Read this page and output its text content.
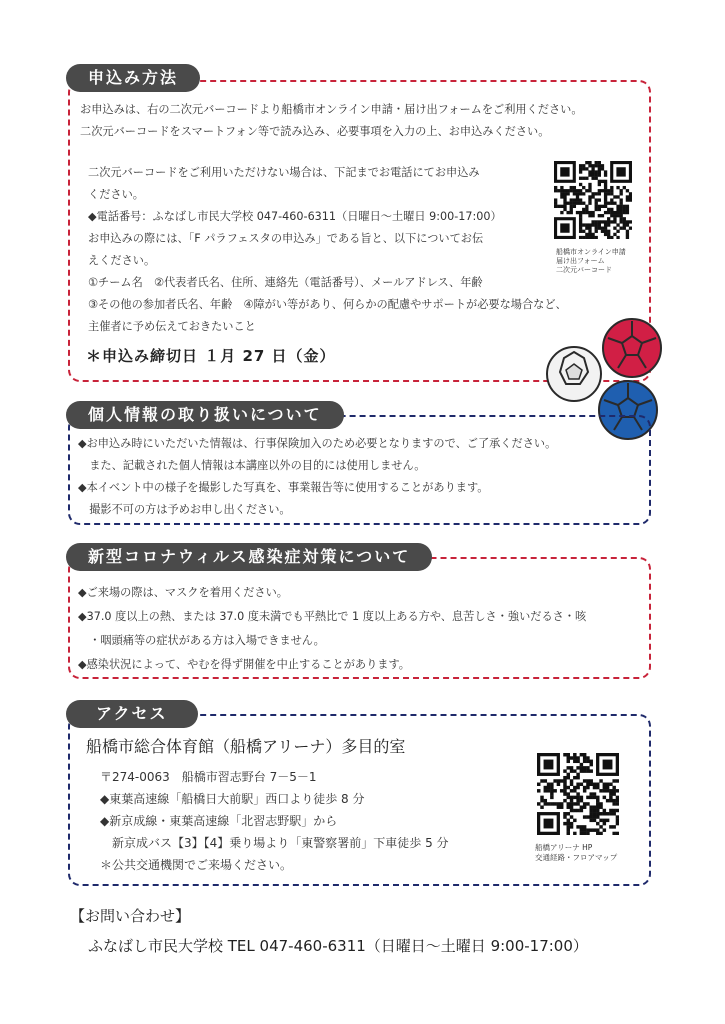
申込み方法
お申込みは、右の二次元バーコードより船橋市オンライン申請・届け出フォームをご利用ください。
二次元バーコードをスマートフォン等で読み込み、必要事項を入力の上、お申込みください。
二次元バーコードをご利用いただけない場合は、下記までお電話にてお申込み
ください。
◆電話番号：ふなばし市民大学校 047-460-6311（日曜日〜土曜日 9:00-17:00）
お申込みの際には、「F パラフェスタの申込み」である旨と、以下についてお伝
えください。
①チーム名　②代表者氏名、住所、連絡先（電話番号）、メールアドレス、年齢
③その他の参加者氏名、年齢　④障がい等があり、何らかの配慮やサポートが必要な場合など、
主催者に予め伝えておきたいこと
＊申込み締切日 １月 27 日（金）
船橋市オンライン申請
届け出フォーム
二次元バーコード
個人情報の取り扱いについて
◆お申込み時にいただいた情報は、行事保険加入のため必要となりますので、ご了承ください。
　また、記載された個人情報は本講座以外の目的には使用しません。
◆本イベント中の様子を撮影した写真を、事業報告等に使用することがあります。
　撮影不可の方は予めお申し出ください。
新型コロナウィルス感染症対策について
◆ご来場の際は、マスクを着用ください。
◆37.0 度以上の熱、または 37.0 度未満でも平熱比で 1 度以上ある方や、息苦しさ・強いだるさ・咳
　・咽頭痛等の症状がある方は入場できません。
◆感染状況によって、やむを得ず開催を中止することがあります。
アクセス
船橋市総合体育館（船橋アリーナ）多目的室
〒274-0063　船橋市習志野台 7－5－1
◆東葉高速線「船橋日大前駅」西口より徒歩 8 分
◆新京成線・東葉高速線「北習志野駅」から
　新京成バス【3】【4】乗り場より「東警察署前」下車徒歩 5 分
＊公共交通機関でご来場ください。
船橋アリーナ HP
交通経路・フロアマップ
【お問い合わせ】
ふなばし市民大学校 TEL 047-460-6311（日曜日〜土曜日 9:00-17:00）
